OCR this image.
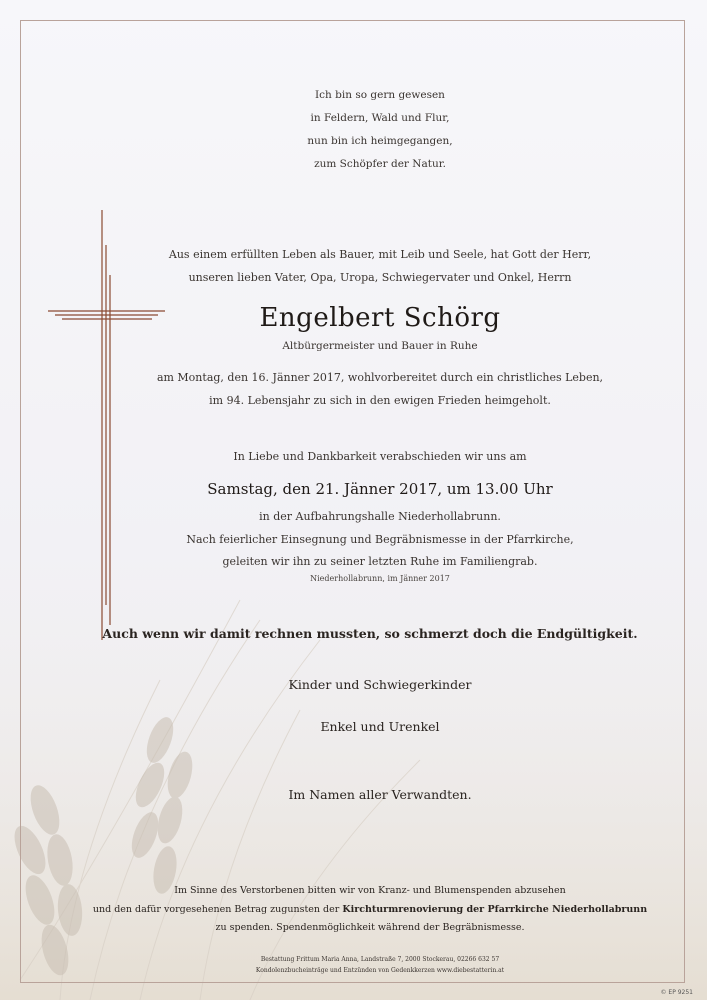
Ich bin so gern gewesen
in Feldern, Wald und Flur,
nun bin ich heimgegangen,
zum Schöpfer der Natur.
Aus einem erfüllten Leben als Bauer, mit Leib und Seele, hat Gott der Herr,
unseren lieben Vater, Opa, Uropa, Schwiegervater und Onkel, Herrn
Engelbert Schörg
Altbürgermeister und Bauer in Ruhe
am Montag, den 16. Jänner 2017, wohlvorbereitet durch ein christliches Leben,
im 94. Lebensjahr zu sich in den ewigen Frieden heimgeholt.
In Liebe und Dankbarkeit verabschieden wir uns am
Samstag, den 21. Jänner 2017, um 13.00 Uhr
in der Aufbahrungshalle Niederhollabrunn.
Nach feierlicher Einsegnung und Begräbnismesse in der Pfarrkirche,
geleiten wir ihn zu seiner letzten Ruhe im Familiengrab.
Niederhollabrunn, im Jänner 2017
Auch wenn wir damit rechnen mussten, so schmerzt doch die Endgültigkeit.
Kinder und Schwiegerkinder
Enkel und Urenkel
Im Namen aller Verwandten.
Im Sinne des Verstorbenen bitten wir von Kranz- und Blumenspenden abzusehen
und den dafür vorgesehenen Betrag zugunsten der Kirchturmrenovierung der Pfarrkirche Niederhollabrunn
zu spenden. Spendenmöglichkeit während der Begräbnismesse.
Bestattung Frittum Maria Anna, Landstraße 7, 2000 Stockerau, 02266 632 57
Kondolenzbucheinträge und Entzünden von Gedenkkerzen www.diebestatterin.at
© EP 9251
